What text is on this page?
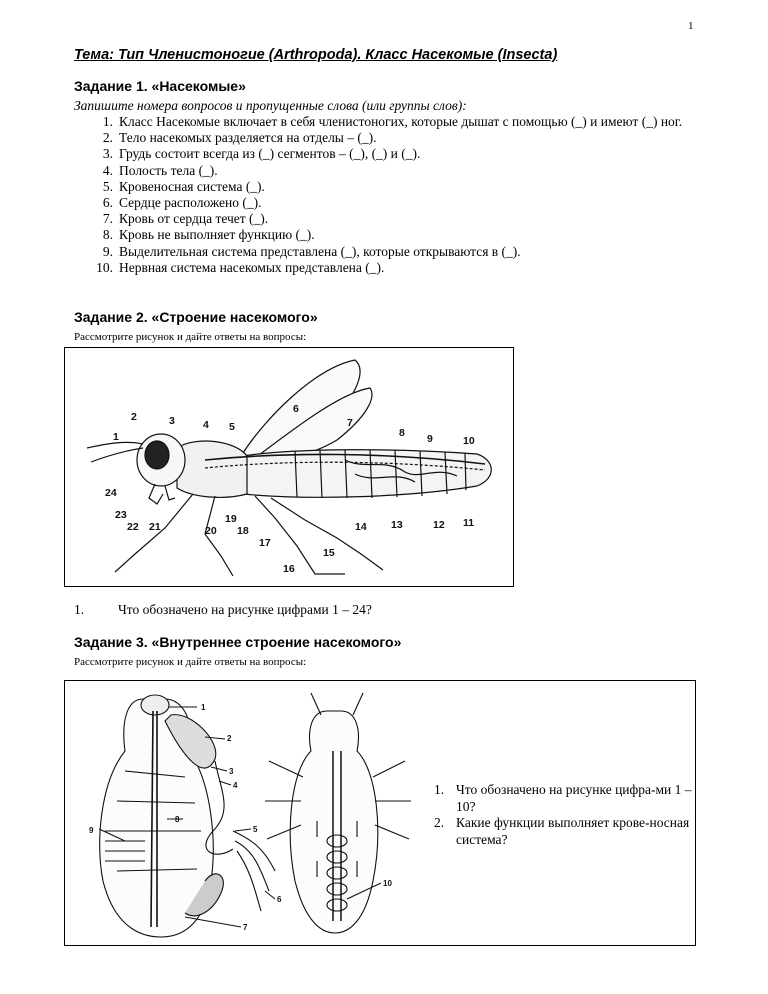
1
Тема: Тип Членистоногие (Arthropoda). Класс Насекомые (Insecta)
Задание 1. «Насекомые»
Запишите номера вопросов и пропущенные слова (или группы слов):
1. Класс Насекомые включает в себя членистоногих, которые дышат с помощью (_) и имеют (_) ног.
2. Тело насекомых разделяется на отделы – (_).
3. Грудь состоит всегда из (_) сегментов – (_), (_) и (_).
4. Полость тела (_).
5. Кровеносная система (_).
6. Сердце расположено (_).
7. Кровь от сердца течет (_).
8. Кровь не выполняет функцию (_).
9. Выделительная система представлена (_), которые открываются в (_).
10. Нервная система насекомых представлена (_).
Задание 2. «Строение насекомого»
Рассмотрите рисунок и дайте ответы на вопросы:
1
2	3	4 5
6
7
8 9	10
11
12
13
14
15
16
17
18
19
20
21
22
23
24
1.	Что обозначено на рисунке цифрами 1 – 24?
Задание 3. «Внутреннее строение насекомого»
Рассмотрите рисунок и дайте ответы на вопросы:
1
2
3
4
5
6
7
8
9
10
1. Что обозначено на рисунке цифра-ми 1 – 10?
2. Какие функции выполняет крове-носная система?
